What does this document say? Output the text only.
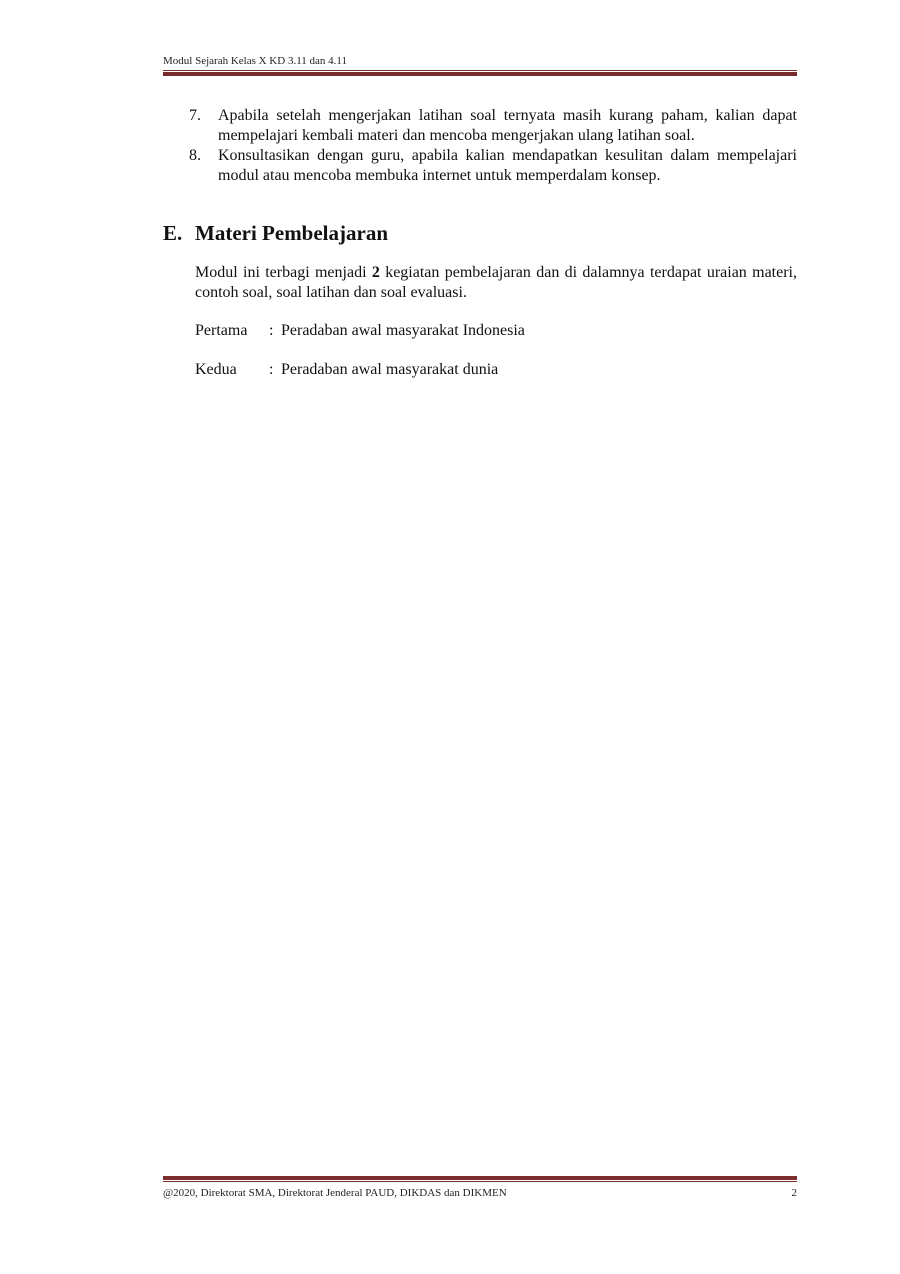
Modul Sejarah Kelas X KD 3.11 dan 4.11
7. Apabila setelah mengerjakan latihan soal ternyata masih kurang paham, kalian dapat mempelajari kembali materi dan mencoba mengerjakan ulang latihan soal.
8. Konsultasikan dengan guru, apabila kalian mendapatkan kesulitan dalam mempelajari modul atau mencoba membuka internet untuk memperdalam konsep.
E. Materi Pembelajaran
Modul ini terbagi menjadi 2 kegiatan pembelajaran dan di dalamnya terdapat uraian materi, contoh soal, soal latihan dan soal evaluasi.
Pertama	: Peradaban awal masyarakat Indonesia
Kedua	: Peradaban awal masyarakat dunia
@2020, Direktorat SMA, Direktorat Jenderal PAUD, DIKDAS dan DIKMEN	2
